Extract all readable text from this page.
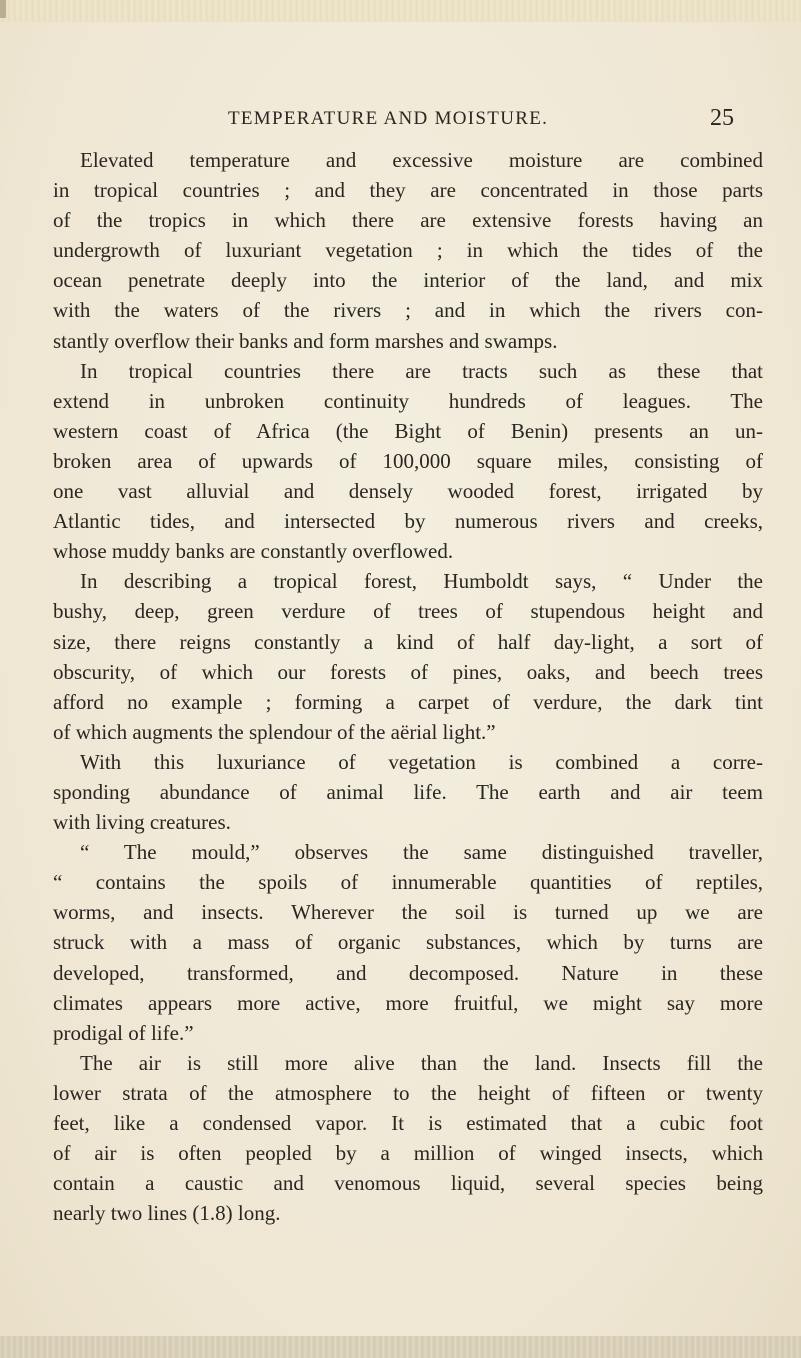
TEMPERATURE AND MOISTURE.	25
Elevated temperature and excessive moisture are combined
in tropical countries ; and they are concentrated in those parts
of the tropics in which there are extensive forests having an
undergrowth of luxuriant vegetation ; in which the tides of the
ocean penetrate deeply into the interior of the land, and mix
with the waters of the rivers ; and in which the rivers con-
stantly overflow their banks and form marshes and swamps.
In tropical countries there are tracts such as these that
extend in unbroken continuity hundreds of leagues. The
western coast of Africa (the Bight of Benin) presents an un-
broken area of upwards of 100,000 square miles, consisting of
one vast alluvial and densely wooded forest, irrigated by
Atlantic tides, and intersected by numerous rivers and creeks,
whose muddy banks are constantly overflowed.
In describing a tropical forest, Humboldt says, “ Under the
bushy, deep, green verdure of trees of stupendous height and
size, there reigns constantly a kind of half day-light, a sort of
obscurity, of which our forests of pines, oaks, and beech trees
afford no example ; forming a carpet of verdure, the dark tint
of which augments the splendour of the aërial light.”
With this luxuriance of vegetation is combined a corre-
sponding abundance of animal life. The earth and air teem
with living creatures.
“ The mould,” observes the same distinguished traveller,
“ contains the spoils of innumerable quantities of reptiles,
worms, and insects. Wherever the soil is turned up we are
struck with a mass of organic substances, which by turns are
developed, transformed, and decomposed. Nature in these
climates appears more active, more fruitful, we might say more
prodigal of life.”
The air is still more alive than the land. Insects fill the
lower strata of the atmosphere to the height of fifteen or twenty
feet, like a condensed vapor. It is estimated that a cubic foot
of air is often peopled by a million of winged insects, which
contain a caustic and venomous liquid, several species being
nearly two lines (1.8) long.
